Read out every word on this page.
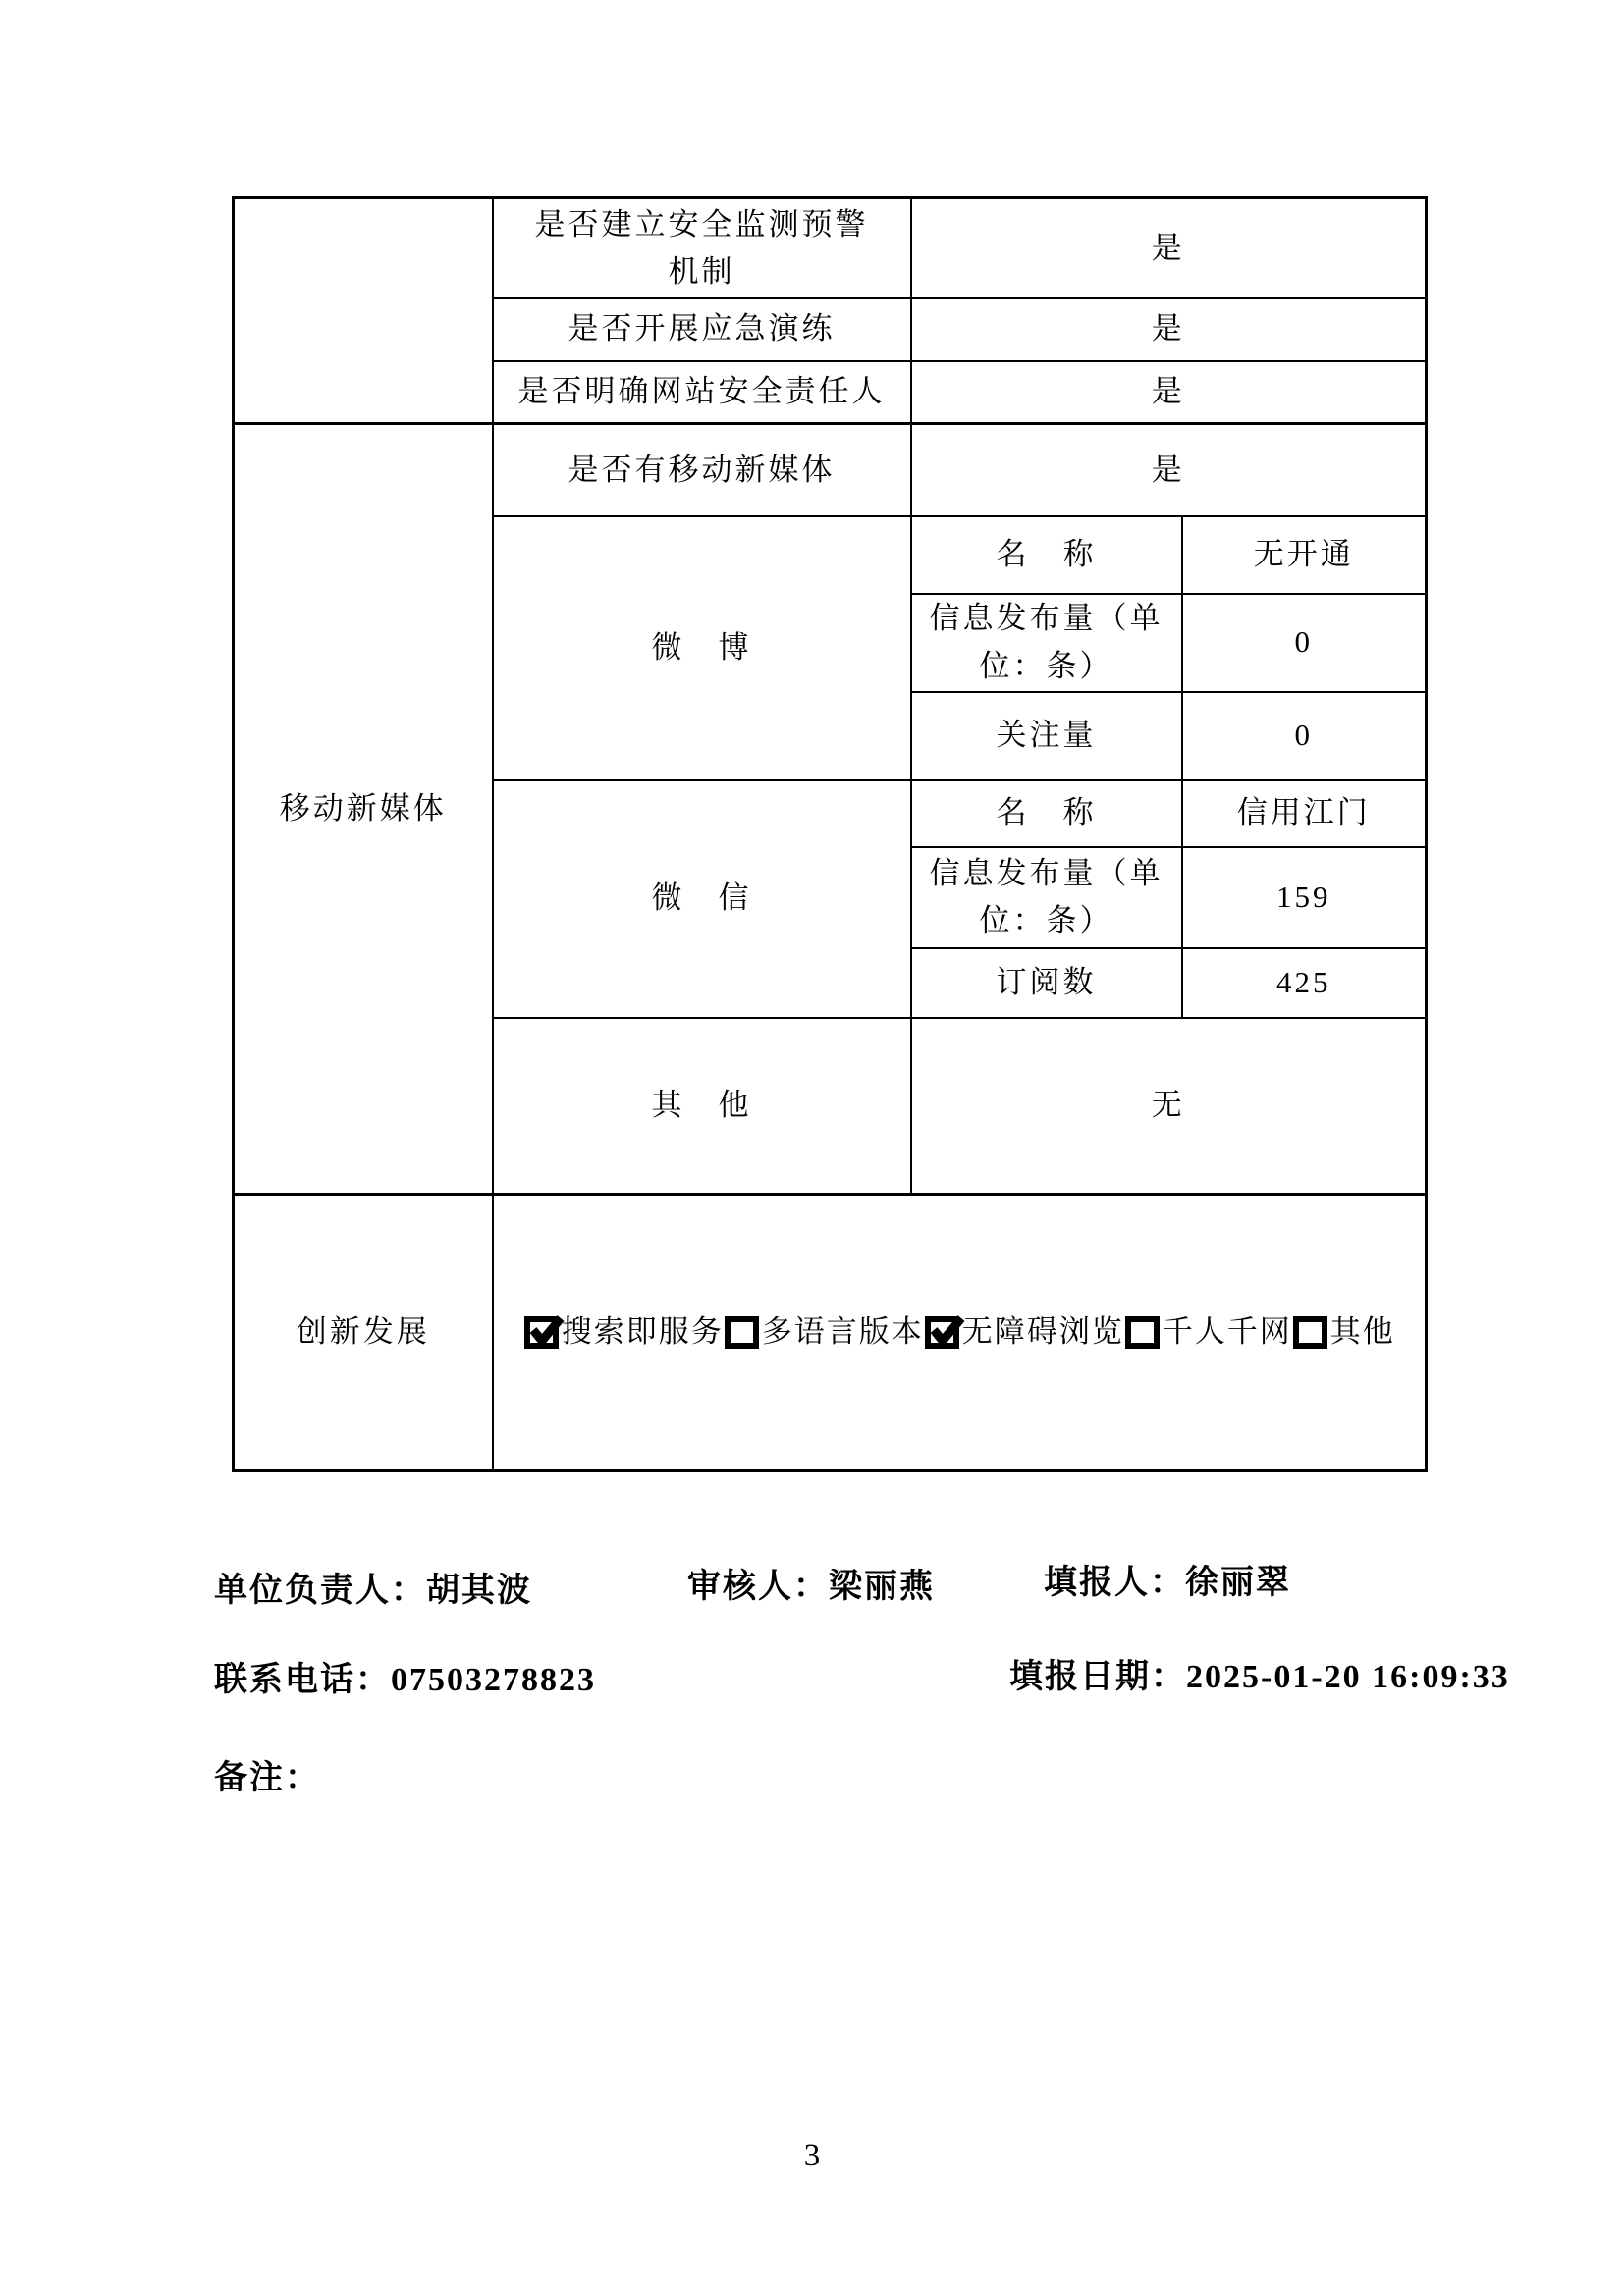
	是否建立安全监测预警机制	是	
	是否开展应急演练	是	
	是否明确网站安全责任人	是	
移动新媒体	是否有移动新媒体	是	
	微　博	名　称	无开通
		信息发布量（单位：条）	0
		关注量	0
	微　信	名　称	信用江门
		信息发布量（单位：条）	159
		订阅数	425
	其　他	无	
创新发展	搜索即服务 多语言版本 无障碍浏览 千人千网 其他		
单位负责人：胡其波	审核人：梁丽燕	填报人：徐丽翠
联系电话：07503278823	填报日期：2025-01-20 16:09:33
备注：
3
